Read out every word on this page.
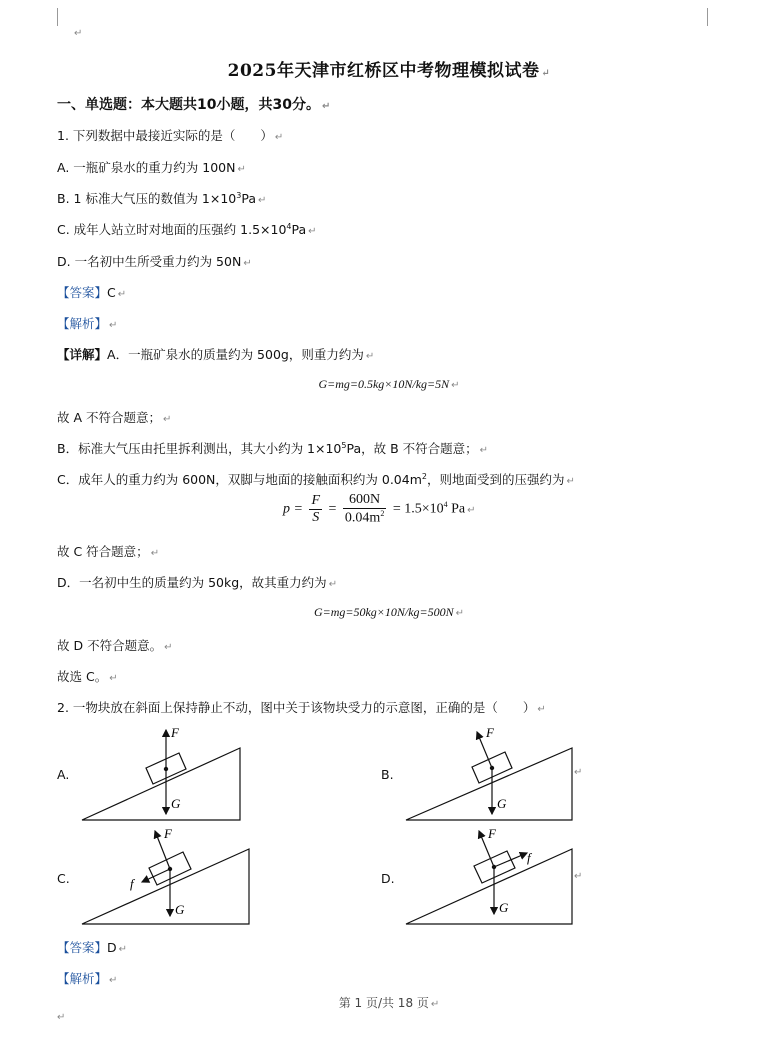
↵
2025年天津市红桥区中考物理模拟试卷 ↵
一、单选题：本大题共10小题，共30分。 ↵
1. 下列数据中最接近实际的是（　　） ↵
A. 一瓶矿泉水的重力约为 100N ↵
B. 1 标准大气压的数值为 $1\times 10^3Pa$ ↵
C. 成年人站立时对地面的压强约 $1.5\times 10^4Pa$ ↵
D. 一名初中生所受重力约为 50N ↵
【答案】C ↵
【解析】 ↵
【详解】A．一瓶矿泉水的质量约为 500g，则重力约为 ↵
G=mg=0.5kg×10N/kg=5N ↵
故 A 不符合题意； ↵
B．标准大气压由托里拆利测出，其大小约为 $1\times 10^5Pa$，故 B 不符合题意； ↵
C．成年人的重力约为 600N，双脚与地面的接触面积约为 $0.04m^2$，则地面受到的压强约为 ↵
$p = \frac{F}{S} = \frac{600N}{0.04m^2} = 1.5\times 10^4$ Pa ↵
故 C 符合题意； ↵
D．一名初中生的质量约为 50kg，故其重力约为 ↵
G=mg=50kg×10N/kg=500N ↵
故 D 不符合题意。 ↵
故选 C。 ↵
2. 一物块放在斜面上保持静止不动，图中关于该物块受力的示意图，正确的是（　　） ↵
A.	B.
C.	D.
↵
↵
F
G
F
G
F
G
f
F
G
f
【答案】D ↵
【解析】 ↵
第 1 页/共 18 页 ↵
↵
